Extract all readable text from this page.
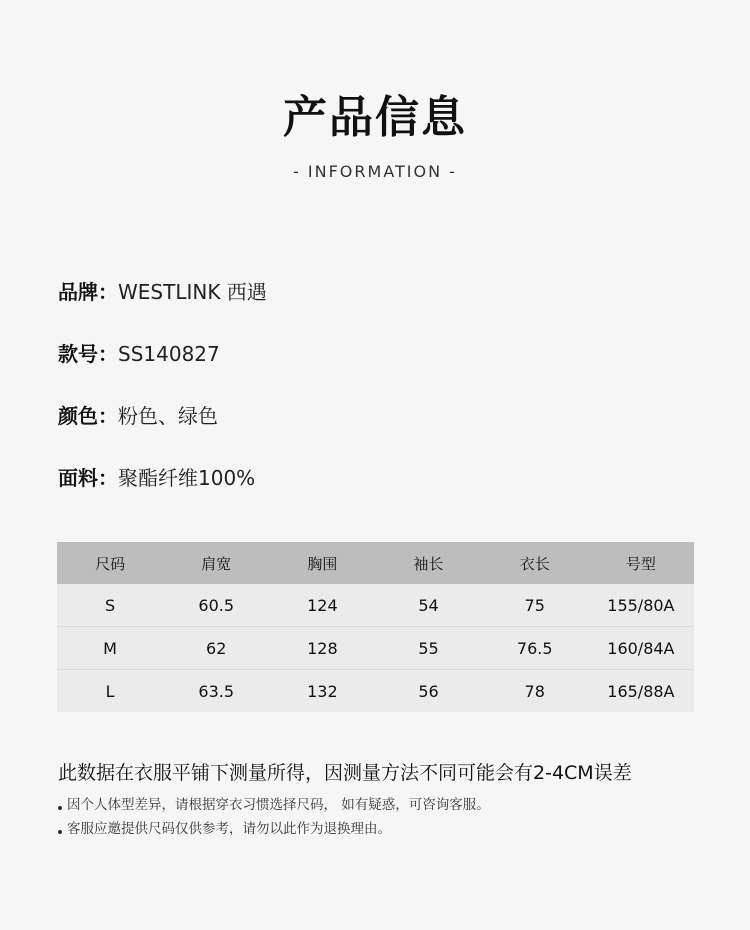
产品信息
- INFORMATION -
品牌： WESTLINK 西遇
款号： SS140827
颜色： 粉色、绿色
面料： 聚酯纤维100%
尺码	肩宽	胸围	袖长	衣长	号型
S	60.5	124	54	75	155/80A
M	62	128	55	76.5	160/84A
L	63.5	132	56	78	165/88A
此数据在衣服平铺下测量所得，因测量方法不同可能会有2-4CM误差
因个人体型差异，请根据穿衣习惯选择尺码， 如有疑惑，可咨询客服。
客服应邀提供尺码仅供参考，请勿以此作为退换理由。
